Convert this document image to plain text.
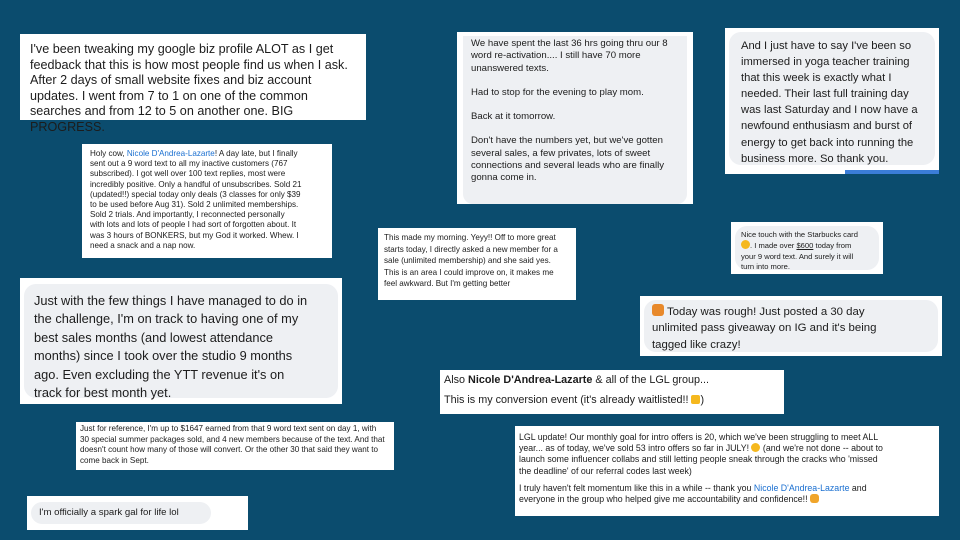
I've been tweaking my google biz profile ALOT as I get
feedback that this is how most people find us when I ask.
After 2 days of small website fixes and biz account
updates. I went from 7 to 1 on one of the common
searches and from 12 to 5 on another one. BIG PROGRESS.
Holy cow, Nicole D'Andrea-Lazarte! A day late, but I finally
sent out a 9 word text to all my inactive customers (767
subscribed). I got well over 100 text replies, most were
incredibly positive. Only a handful of unsubscribes. Sold 21
(updated!!) special today only deals (3 classes for only $39
to be used before Aug 31). Sold 2 unlimited memberships.
Sold 2 trials. And importantly, I reconnected personally
with lots and lots of people I had sort of forgotten about. It
was 3 hours of BONKERS, but my God it worked. Whew. I
need a snack and a nap now.
Just with the few things I have managed to do in
the challenge, I'm on track to having one of my
best sales months (and lowest attendance
months) since I took over the studio 9 months
ago. Even excluding the YTT revenue it's on
track for best month yet.
Just for reference, I'm up to $1647 earned from that 9 word text sent on day 1, with
30 special summer packages sold, and 4 new members because of the text. And that
doesn't count how many of those will convert. Or the other 30 that said they want to
come back in Sept.
I'm officially a spark gal for life lol

We have spent the last 36 hrs going thru our 8
word re-activation.... I still have 70 more
unanswered texts.

Had to stop for the evening to play mom.

Back at it tomorrow.

Don't have the numbers yet, but we've gotten
several sales, a few privates, lots of sweet
connections and several leads who are finally
gonna come in.

And I just have to say I've been so
immersed in yoga teacher training
that this week is exactly what I
needed. Their last full training day
was last Saturday and I now have a
newfound enthusiasm and burst of
energy to get back into running the
business more. So thank you.
This made my morning. Yeyy!! Off to more great
starts today, I directly asked a new member for a
sale (unlimited membership) and she said yes.
This is an area I could improve on, it makes me
feel awkward. But I'm getting better
Nice touch with the Starbucks card
. I made over $600 today from
your 9 word text. And surely it will
turn into more.
Today was rough! Just posted a 30 day
unlimited pass giveaway on IG and it's being
tagged like crazy!
Also Nicole D'Andrea-Lazarte & all of the LGL group...
This is my conversion event (it's already waitlisted!! )
LGL update! Our monthly goal for intro offers is 20, which we've been struggling to meet ALL
year... as of today, we've sold 53 intro offers so far in JULY!  (and we're not done -- about to
launch some influencer collabs and still letting people sneak through the cracks who 'missed
the deadline' of our referral codes last week)
I truly haven't felt momentum like this in a while -- thank you Nicole D'Andrea-Lazarte and
everyone in the group who helped give me accountability and confidence!!
